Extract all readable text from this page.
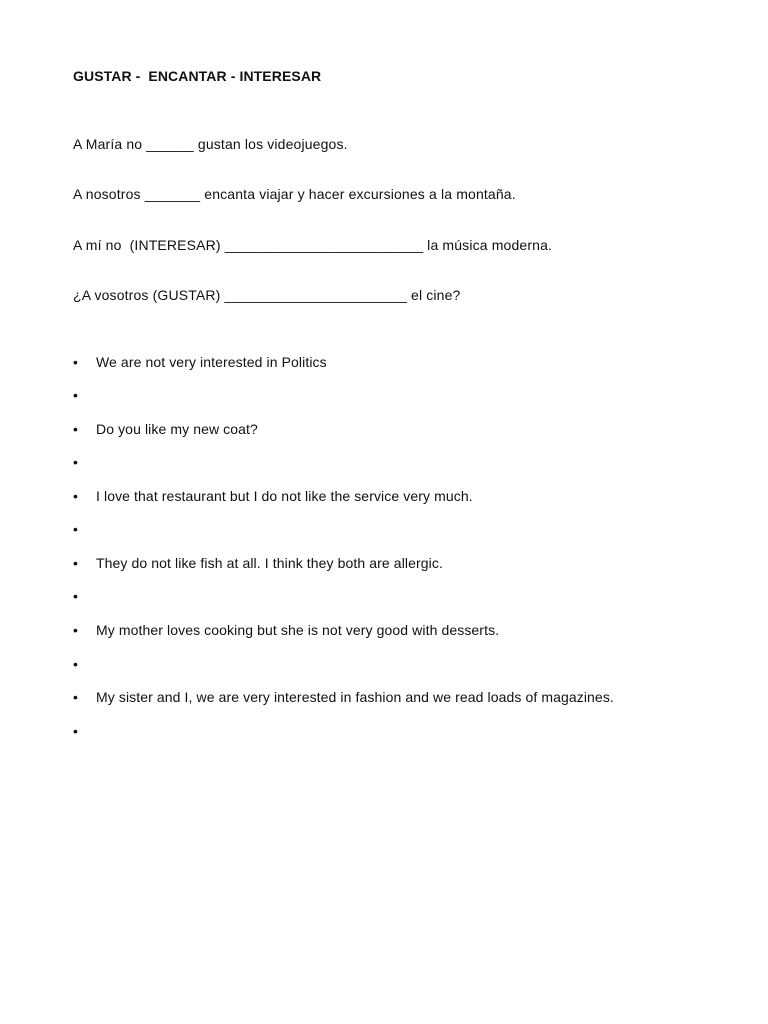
GUSTAR -  ENCANTAR - INTERESAR
A María no ______ gustan los videojuegos.
A nosotros _______ encanta viajar y hacer excursiones a la montaña.
A mí no  (INTERESAR) _________________________ la música moderna.
¿A vosotros (GUSTAR) _______________________ el cine?

•

We are not very interested in Politics

•

•

Do you like my new coat?

•

•

I love that restaurant but I do not like the service very much.

•

•

They do not like fish at all. I think they both are allergic.

•

•

My mother loves cooking but she is not very good with desserts.

•

•

My sister and I, we are very interested in fashion and we read loads of magazines.

•
